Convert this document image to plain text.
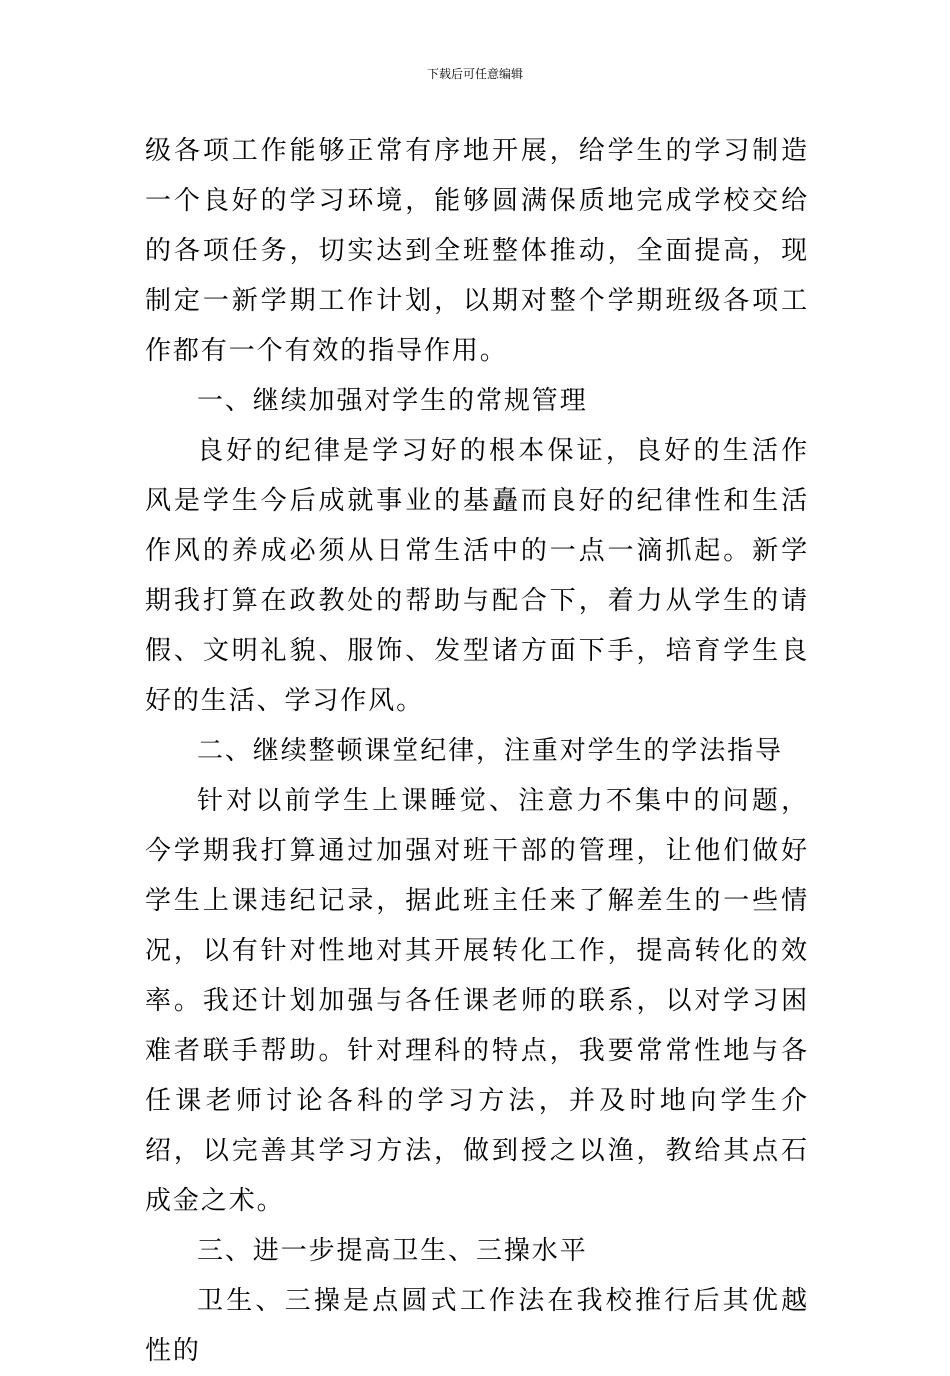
下载后可任意编辑

级各项工作能够正常有序地开展，给学生的学习制造一个良好的学习环境，能够圆满保质地完成学校交给的各项任务，切实达到全班整体推动，全面提高，现制定一新学期工作计划，以期对整个学期班级各项工作都有一个有效的指导作用。

一、继续加强对学生的常规管理

良好的纪律是学习好的根本保证，良好的生活作风是学生今后成就事业的基矗而良好的纪律性和生活作风的养成必须从日常生活中的一点一滴抓起。新学期我打算在政教处的帮助与配合下，着力从学生的请假、文明礼貌、服饰、发型诸方面下手，培育学生良好的生活、学习作风。

二、继续整顿课堂纪律，注重对学生的学法指导

针对以前学生上课睡觉、注意力不集中的问题，今学期我打算通过加强对班干部的管理，让他们做好学生上课违纪记录，据此班主任来了解差生的一些情况，以有针对性地对其开展转化工作，提高转化的效率。我还计划加强与各任课老师的联系，以对学习困难者联手帮助。针对理科的特点，我要常常性地与各任课老师讨论各科的学习方法，并及时地向学生介绍，以完善其学习方法，做到授之以渔，教给其点石成金之术。

三、进一步提高卫生、三操水平

卫生、三操是点圆式工作法在我校推行后其优越性的
